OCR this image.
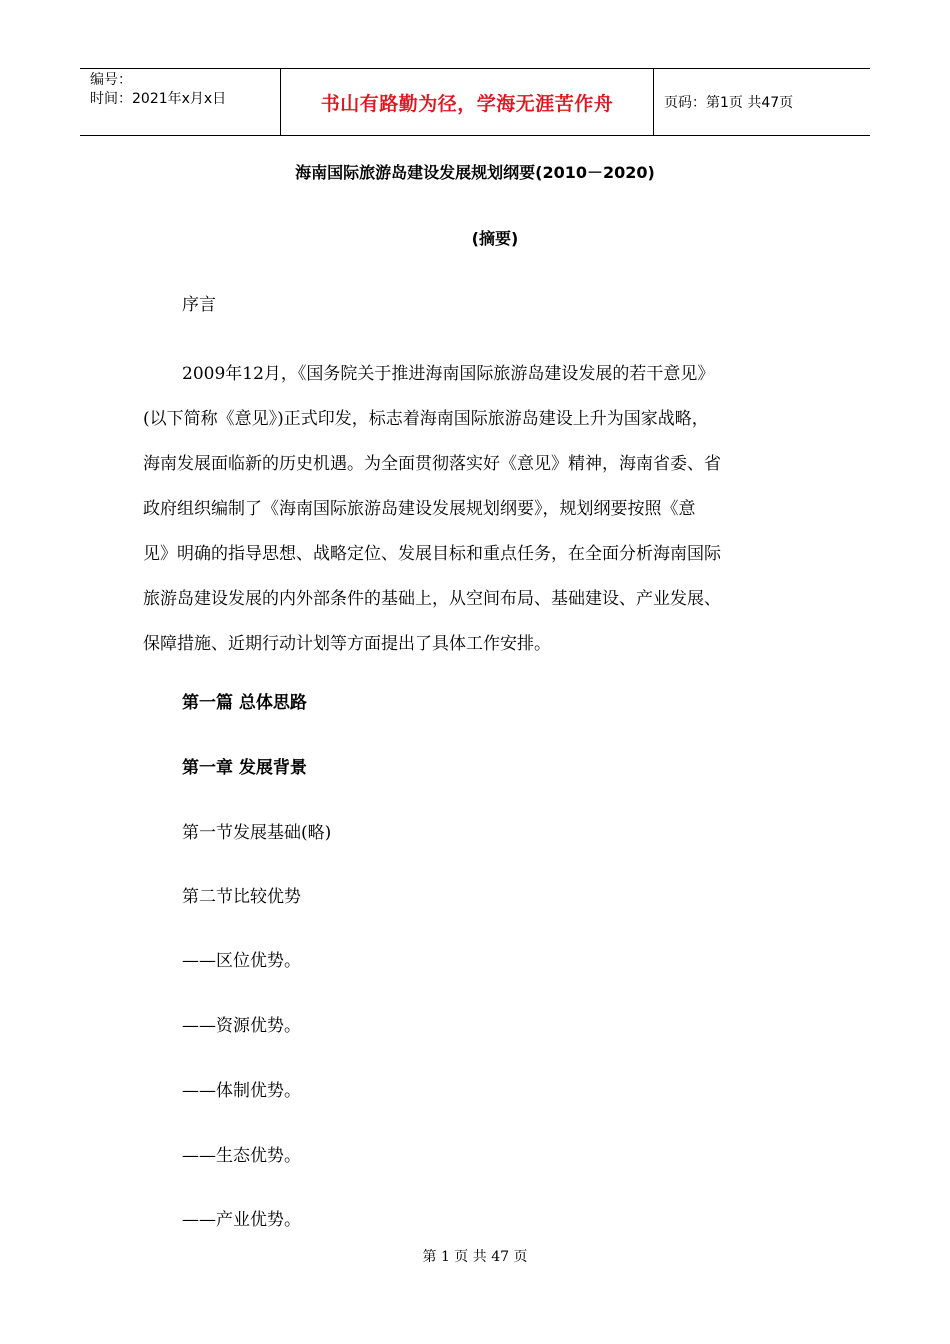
编号：
时间：2021年x月x日	书山有路勤为径，学海无涯苦作舟	页码：第1页 共47页
海南国际旅游岛建设发展规划纲要(2010－2020)
(摘要)
序言
2009年12月，《国务院关于推进海南国际旅游岛建设发展的若干意见》
(以下简称《意见》)正式印发，标志着海南国际旅游岛建设上升为国家战略，
海南发展面临新的历史机遇。为全面贯彻落实好《意见》精神，海南省委、省
政府组织编制了《海南国际旅游岛建设发展规划纲要》，规划纲要按照《意
见》明确的指导思想、战略定位、发展目标和重点任务，在全面分析海南国际
旅游岛建设发展的内外部条件的基础上，从空间布局、基础建设、产业发展、
保障措施、近期行动计划等方面提出了具体工作安排。
第一篇 总体思路
第一章 发展背景
第一节发展基础(略)
第二节比较优势
——区位优势。
——资源优势。
——体制优势。
——生态优势。
——产业优势。
第 1 页 共 47 页
